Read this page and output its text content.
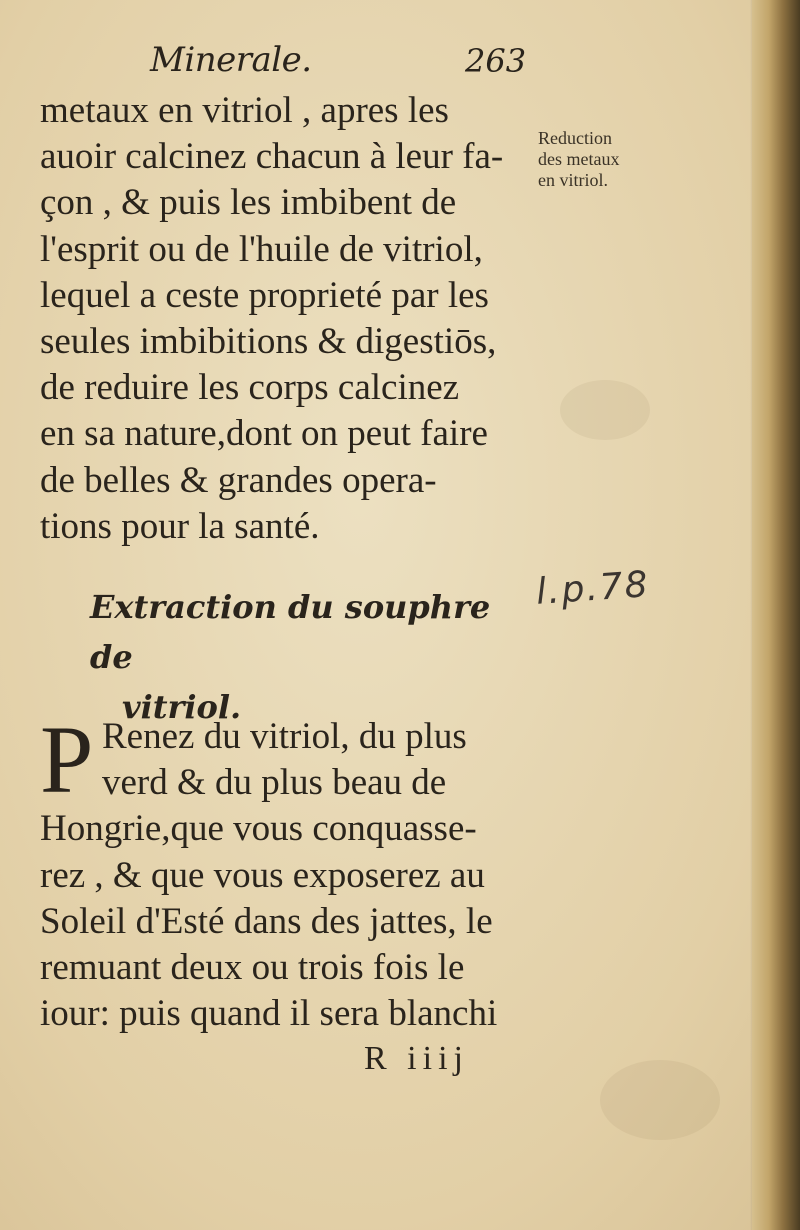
Minerale.	263
metaux en vitriol , apres les
auoir calcinez chacun à leur fa-
çon , & puis les imbibent de
l'esprit ou de l'huile de vitriol,
lequel a ceste proprieté par les
seules imbibitions & digestiōs,
de reduire les corps calcinez
en sa nature,dont on peut faire
de belles & grandes opera-
tions pour la santé.
Reduction
des metaux
en vitriol.
Extraction du souphre de
vitriol.
l.p.78
P Renez du vitriol, du plus
verd & du plus beau de
Hongrie,que vous conquasse-
rez , & que vous exposerez au
Soleil d'Esté dans des jattes, le
remuant deux ou trois fois le
iour: puis quand il sera blanchi
R iiij
